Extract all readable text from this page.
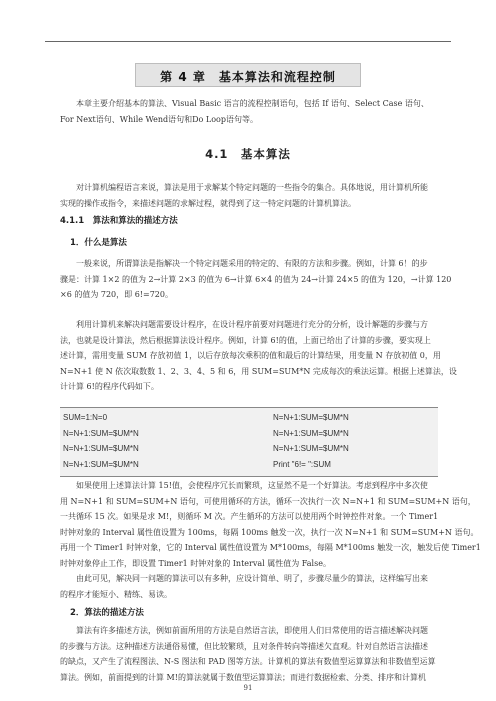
第 4 章　基本算法和流程控制

本章主要介绍基本的算法、Visual Basic 语言的流程控制语句，包括 If 语句、Select Case 语句、
For Next语句、While Wend语句和Do Loop语句等。

4.1　基本算法

对计算机编程语言来说，算法是用于求解某个特定问题的一些指令的集合。具体地说，用计算机所能
实现的操作或指令，来描述问题的求解过程，就得到了这一特定问题的计算机算法。

4.1.1　算法和算法的描述方法
1．什么是算法

一般来说，所谓算法是指解决一个特定问题采用的特定的、有限的方法和步骤。例如，计算 6！的步
骤是：计算 1×2 的值为 2→计算 2×3 的值为 6→计算 6×4 的值为 24→计算 24×5 的值为 120，→计算 120
×6 的值为 720，即 6!=720。

利用计算机来解决问题需要设计程序，在设计程序前要对问题进行充分的分析，设计解题的步骤与方
法，也就是设计算法，然后根据算法设计程序。例如，计算 6!的值，上面已给出了计算的步骤，要实现上
述计算，需用变量 SUM 存放初值 1，以后存放每次乘积的值和最后的计算结果，用变量 N 存放初值 0，用
N=N+1 使 N 依次取数数 1、2、3、4、5 和 6，用 SUM=SUM*N 完成每次的乘法运算。根据上述算法，设
计计算 6!的程序代码如下。

SUM=1:N=0
N=N+1:SUM=$UM*N
N=N+1:SUM=$UM*N
N=N+1:SUM=$UM*N
N=N+1:SUM=$UM*N
N=N+1:SUM=$UM*N
N=N+1:SUM=$UM*N
Print "6!= ":SUM

如果使用上述算法计算 15!值，会使程序冗长而繁琐，这显然不是一个好算法。考虑到程序中多次使
用 N=N+1 和 SUM=SUM+N 语句，可使用循环的方法，循环一次执行一次 N=N+1 和 SUM=SUM+N 语句，
一共循环 15 次。如果是求 M!，则循环 M 次。产生循环的方法可以使用两个时钟控件对象。一个 Timer1
时钟对象的 Interval 属性值设置为 100ms，每隔 100ms 触发一次，执行一次 N=N+1 和 SUM=SUM+N 语句。
再用一个 Timer1 时钟对象，它的 Interval 属性值设置为 M*100ms，每隔 M*100ms 触发一次，触发后使 Timer1
时钟对象停止工作，即设置 Timer1 时钟对象的 Interval 属性值为 False。

由此可见，解决同一问题的算法可以有多种，应设计简单、明了，步骤尽量少的算法，这样编写出来
的程序才能短小、精练、易读。

2．算法的描述方法

算法有许多描述方法，例如前面所用的方法是自然语言法，即使用人们日常使用的语言描述解决问题
的步骤与方法。这种描述方法通俗易懂，但比较繁琐，且对条件转向等描述欠直观。针对自然语言法描述
的缺点，又产生了流程图法、N-S 图法和 PAD 图等方法。计算机的算法有数值型运算算法和非数值型运算
算法。例如，前面提到的计算 M!的算法就属于数值型运算算法；而进行数据检索、分类、排序和计算机

91
